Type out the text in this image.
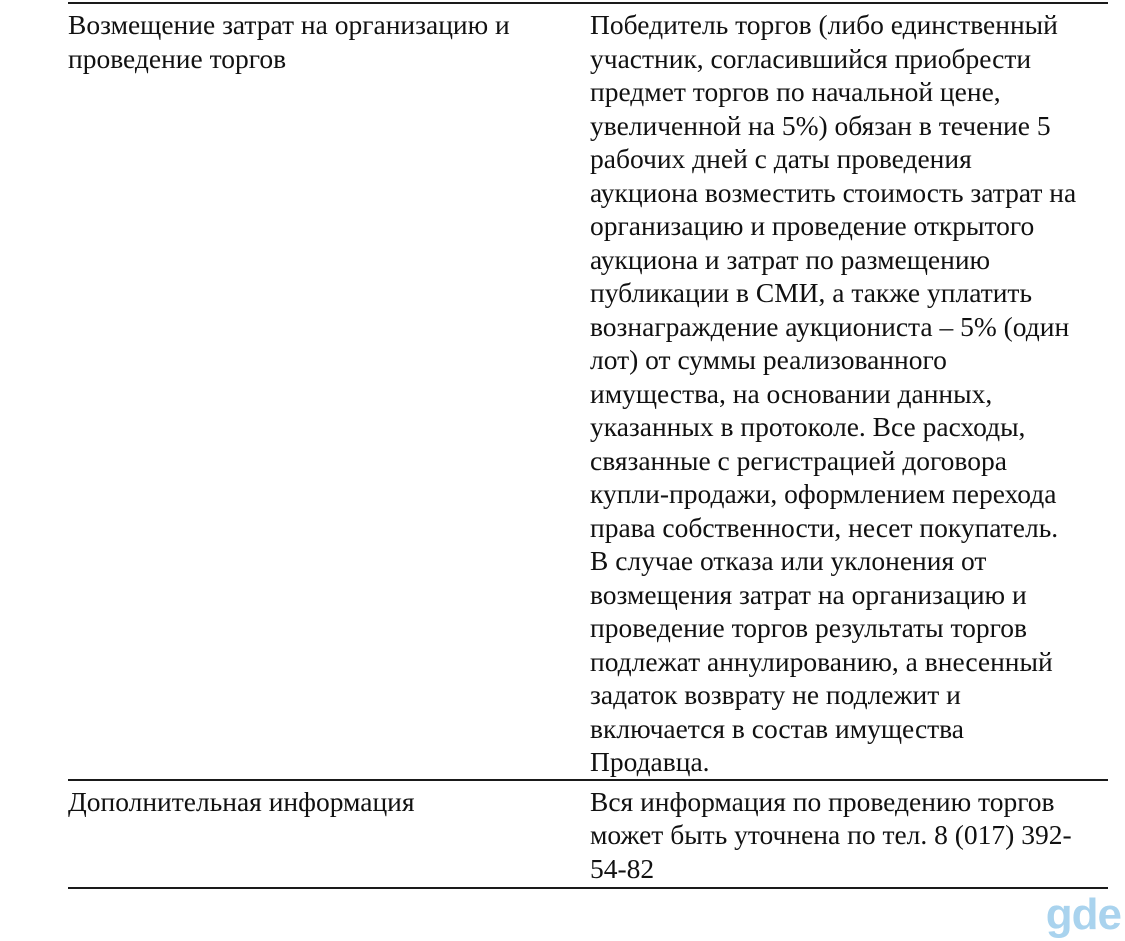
Возмещение затрат на организацию и
проведение торгов
Победитель торгов (либо единственный
участник, согласившийся приобрести
предмет торгов по начальной цене,
увеличенной на 5%) обязан в течение 5
рабочих дней с даты проведения
аукциона возместить стоимость затрат на
организацию и проведение открытого
аукциона и затрат по размещению
публикации в СМИ, а также уплатить
вознаграждение аукциониста – 5% (один
лот) от суммы реализованного
имущества, на основании данных,
указанных в протоколе. Все расходы,
связанные с регистрацией договора
купли-продажи, оформлением перехода
права собственности, несет покупатель.
В случае отказа или уклонения от
возмещения затрат на организацию и
проведение торгов результаты торгов
подлежат аннулированию, а внесенный
задаток возврату не подлежит и
включается в состав имущества
Продавца.
Дополнительная информация	Вся информация по проведению торгов
может быть уточнена по тел. 8 (017) 392-
54-82
gde
